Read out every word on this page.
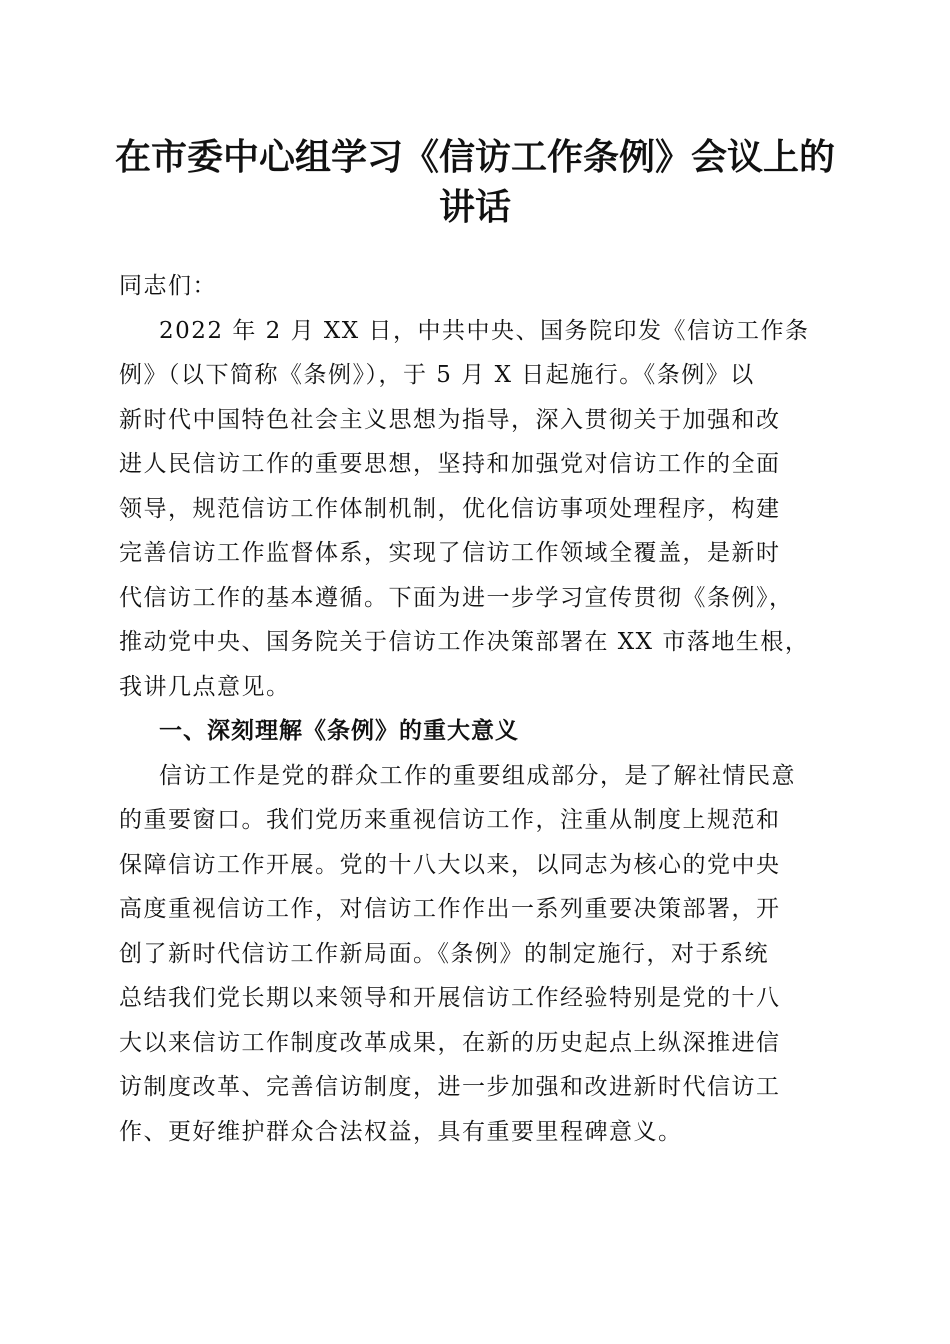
在市委中心组学习《信访工作条例》会议上的
讲话
同志们：
2022 年 2 月 XX 日，中共中央、国务院印发《信访工作条
例》（以下简称《条例》），于 5 月 X 日起施行。《条例》以
新时代中国特色社会主义思想为指导，深入贯彻关于加强和改
进人民信访工作的重要思想，坚持和加强党对信访工作的全面
领导，规范信访工作体制机制，优化信访事项处理程序，构建
完善信访工作监督体系，实现了信访工作领域全覆盖，是新时
代信访工作的基本遵循。下面为进一步学习宣传贯彻《条例》，
推动党中央、国务院关于信访工作决策部署在 XX 市落地生根，
我讲几点意见。
一、深刻理解《条例》的重大意义
信访工作是党的群众工作的重要组成部分，是了解社情民意
的重要窗口。我们党历来重视信访工作，注重从制度上规范和
保障信访工作开展。党的十八大以来，以同志为核心的党中央
高度重视信访工作，对信访工作作出一系列重要决策部署，开
创了新时代信访工作新局面。《条例》的制定施行，对于系统
总结我们党长期以来领导和开展信访工作经验特别是党的十八
大以来信访工作制度改革成果，在新的历史起点上纵深推进信
访制度改革、完善信访制度，进一步加强和改进新时代信访工
作、更好维护群众合法权益，具有重要里程碑意义。
